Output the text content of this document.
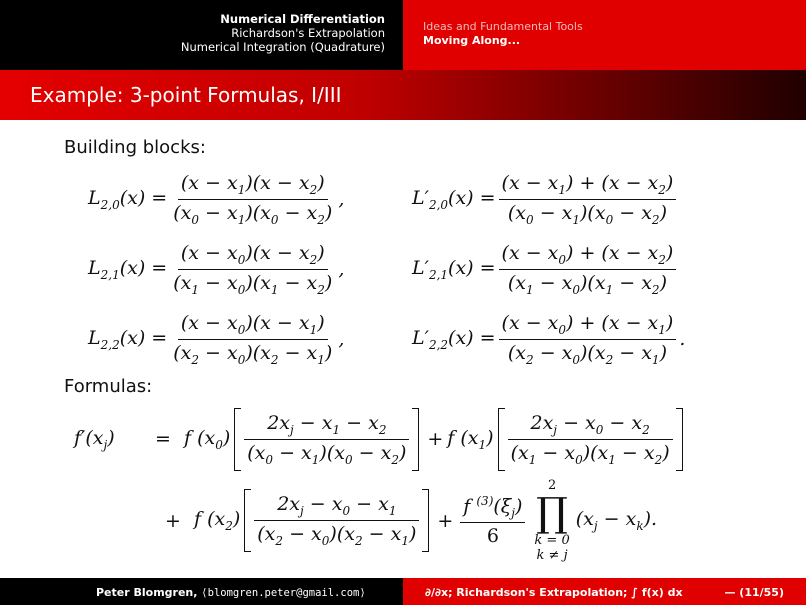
Numerical Differentiation
Richardson's Extrapolation
Numerical Integration (Quadrature)
Ideas and Fundamental Tools
Moving Along...
Example: 3-point Formulas, I/III
Building blocks:
$L_{2,0}(x) = \frac{(x - x_1)(x - x_2)}{(x_0 - x_1)(x_0 - x_2)}$ ,	$L'_{2,0}(x) = \frac{(x - x_1) + (x - x_2)}{(x_0 - x_1)(x_0 - x_2)}$
$L_{2,1}(x) = \frac{(x - x_0)(x - x_2)}{(x_1 - x_0)(x_1 - x_2)}$ ,	$L'_{2,1}(x) = \frac{(x - x_0) + (x - x_2)}{(x_1 - x_0)(x_1 - x_2)}$
$L_{2,2}(x) = \frac{(x - x_0)(x - x_1)}{(x_2 - x_0)(x_2 - x_1)}$ ,	$L'_{2,2}(x) = \frac{(x - x_0) + (x - x_1)}{(x_2 - x_0)(x_2 - x_1)}$ .
Formulas:
$f'(x_j)$	= f $(x_0) \frac{2x_j - x_1 - x_2}{(x_0 - x_1)(x_0 - x_2)} + f$ $(x_1) \frac{2x_j - x_0 - x_2}{(x_1 - x_0)(x_1 - x_2)}$
+ f $(x_2) \frac{2x_j - x_0 - x_1}{(x_2 - x_0)(x_2 - x_1)} + \frac{f ^{(3)}(\xi_j)}{6}$
2
∏
k = 0
k ≠ j
$(x_j - x_k)$.
Peter Blomgren, ⟨blomgren.peter@gmail.com⟩	∂/∂x; Richardson's Extrapolation; ∫ f(x) dx	— (11/55)
